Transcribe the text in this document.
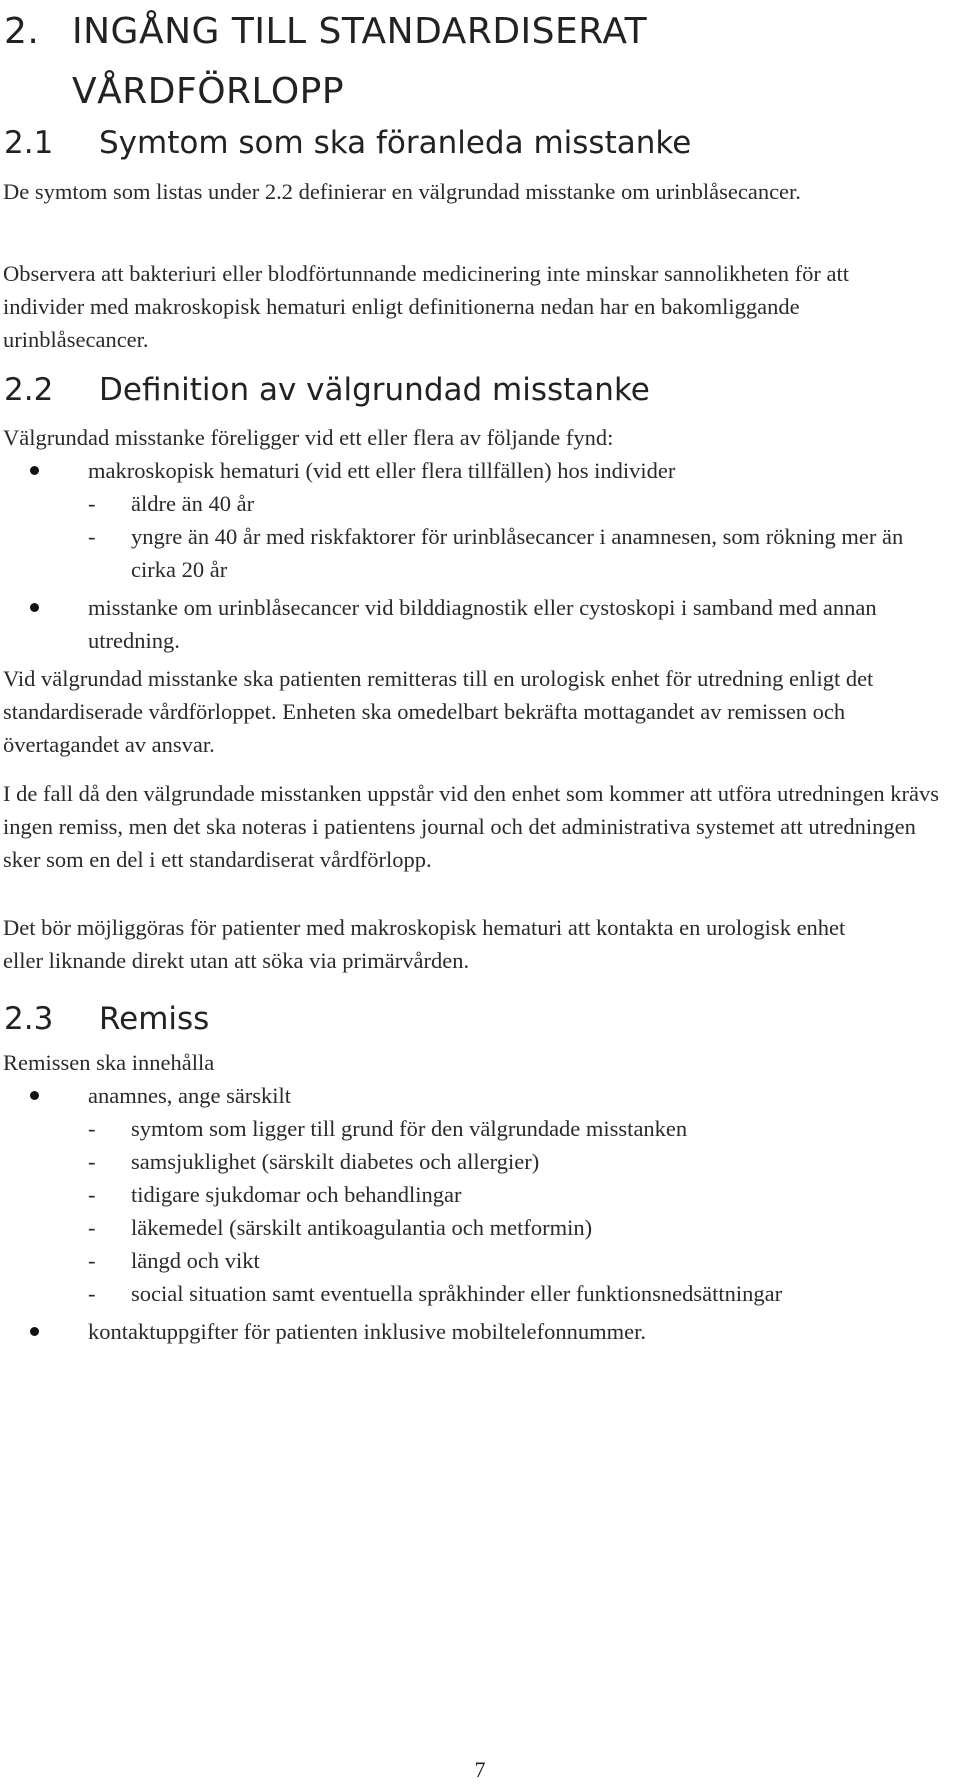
2. INGÅNG TILL STANDARDISERAT
VÅRDFÖRLOPP
2.1	Symtom som ska föranleda misstanke
De symtom som listas under 2.2 definierar en välgrundad misstanke om urinblåsecancer.
Observera att bakteriuri eller blodförtunnande medicinering inte minskar sannolikheten för att individer med makroskopisk hematuri enligt definitionerna nedan har en bakomliggande urinblåsecancer.
2.2	Definition av välgrundad misstanke
Välgrundad misstanke föreligger vid ett eller flera av följande fynd:
makroskopisk hematuri (vid ett eller flera tillfällen) hos individer
- äldre än 40 år
- yngre än 40 år med riskfaktorer för urinblåsecancer i anamnesen, som rökning mer än cirka 20 år
misstanke om urinblåsecancer vid bilddiagnostik eller cystoskopi i samband med annan utredning.
Vid välgrundad misstanke ska patienten remitteras till en urologisk enhet för utredning enligt det standardiserade vårdförloppet. Enheten ska omedelbart bekräfta mottagandet av remissen och övertagandet av ansvar.
I de fall då den välgrundade misstanken uppstår vid den enhet som kommer att utföra utredningen krävs ingen remiss, men det ska noteras i patientens journal och det administrativa systemet att utredningen sker som en del i ett standardiserat vårdförlopp.
Det bör möjliggöras för patienter med makroskopisk hematuri att kontakta en urologisk enhet eller liknande direkt utan att söka via primärvården.
2.3	Remiss
Remissen ska innehålla
anamnes, ange särskilt
- symtom som ligger till grund för den välgrundade misstanken
- samsjuklighet (särskilt diabetes och allergier)
- tidigare sjukdomar och behandlingar
- läkemedel (särskilt antikoagulantia och metformin)
- längd och vikt
- social situation samt eventuella språkhinder eller funktionsnedsättningar
kontaktuppgifter för patienten inklusive mobiltelefonnummer.
7
